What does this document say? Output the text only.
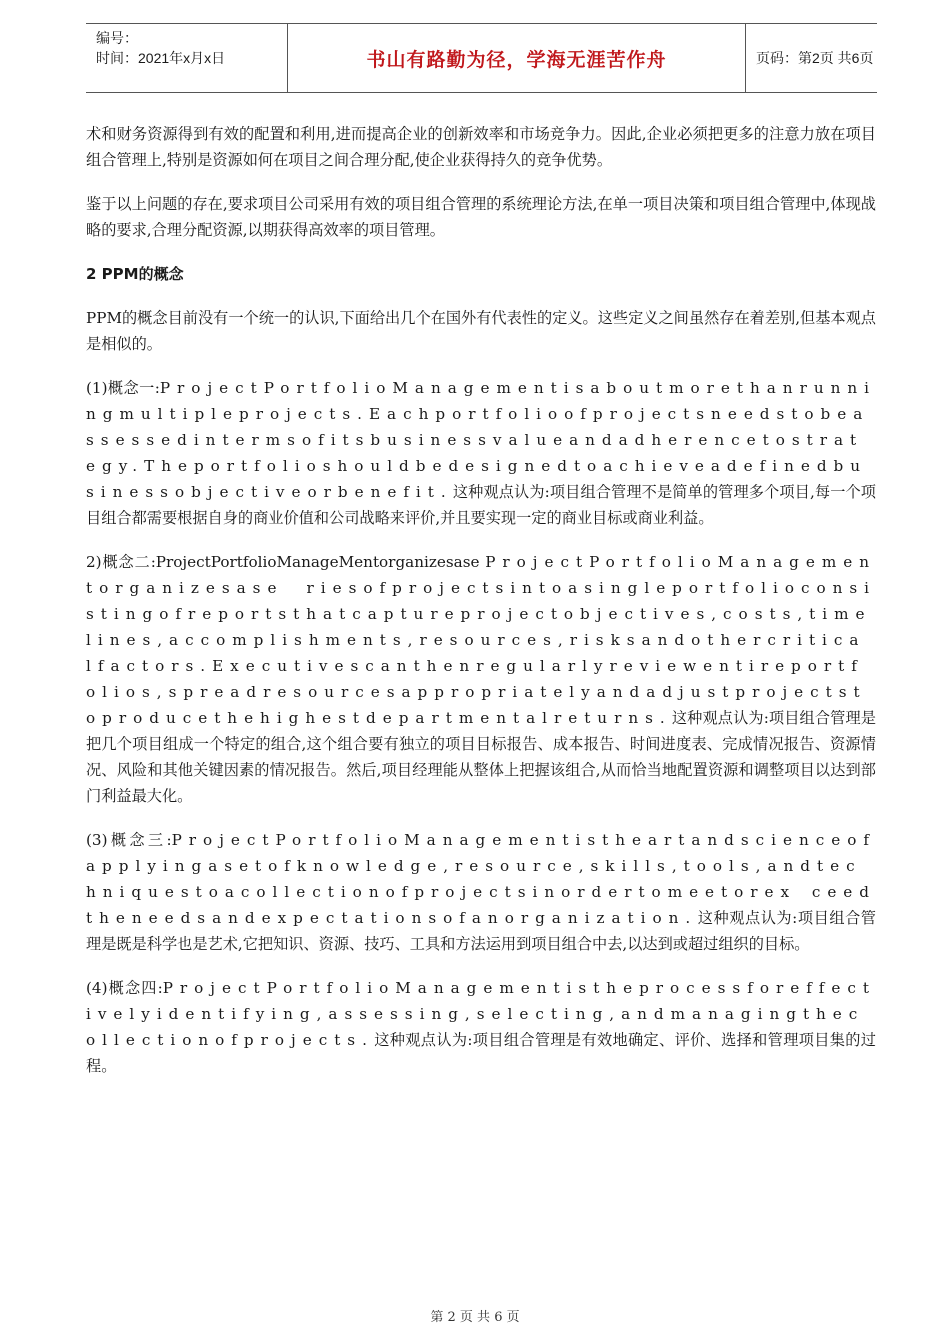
编号：
时间：2021年x月x日	书山有路勤为径，学海无涯苦作舟	页码：第2页 共6页

术和财务资源得到有效的配置和利用,进而提高企业的创新效率和市场竞争力。因此,企业必须把更多的注意力放在项目组合管理上,特别是资源如何在项目之间合理分配,使企业获得持久的竞争优势。

鉴于以上问题的存在,要求项目公司采用有效的项目组合管理的系统理论方法,在单一项目决策和项目组合管理中,体现战略的要求,合理分配资源,以期获得高效率的项目管理。

2 PPM的概念

PPM的概念目前没有一个统一的认识,下面给出几个在国外有代表性的定义。这些定义之间虽然存在着差别,但基本观点是相似的。

(1)概念一:ProjectPortfolioManagementisaboutmorethanrunningmultipleprojects.Eachportfolioofprojectsneedstobeassessedintermsofitsbusinessvalueandadherencetostrategy.Theportfolioshouldbedesignedtoachieveadefinedbusinessobjectiveorbenefit.这种观点认为:项目组合管理不是简单的管理多个项目,每一个项目组合都需要根据自身的商业价值和公司战略来评价,并且要实现一定的商业目标或商业利益。

2)概念二:ProjectPortfolioManageMentorganizesase ProjectPortfolioManagementorganizesase riesofprojectsintoasingleportfolioconsistingofreportsthatcaptureprojectobjectives,costs,timelines,accomplishments,resources,risksandothercriticalfactors.Executivescanthenregularlyreviewentireportfolios,spreadresourcesappropriatelyandadjustprojectstoproducethehighestdepartmentalreturns.这种观点认为:项目组合管理是把几个项目组成一个特定的组合,这个组合要有独立的项目目标报告、成本报告、时间进度表、完成情况报告、资源情况、风险和其他关键因素的情况报告。然后,项目经理能从整体上把握该组合,从而恰当地配置资源和调整项目以达到部门利益最大化。

(3)概念三:ProjectPortfolioManagementistheartandscienceofapplyingasetofknowledge,resource,skills,tools,andtechniquestoacollectionofprojectsinordertomeetorex ceedtheneedsandexpectationsofanorganization.这种观点认为:项目组合管理是既是科学也是艺术,它把知识、资源、技巧、工具和方法运用到项目组合中去,以达到或超过组织的目标。

(4)概念四:ProjectPortfolioManagementistheprocessforeffectivelyidentifying,assessing,selecting,andmanagingthecollectionofprojects.这种观点认为:项目组合管理是有效地确定、评价、选择和管理项目集的过程。

第 2 页 共 6 页
